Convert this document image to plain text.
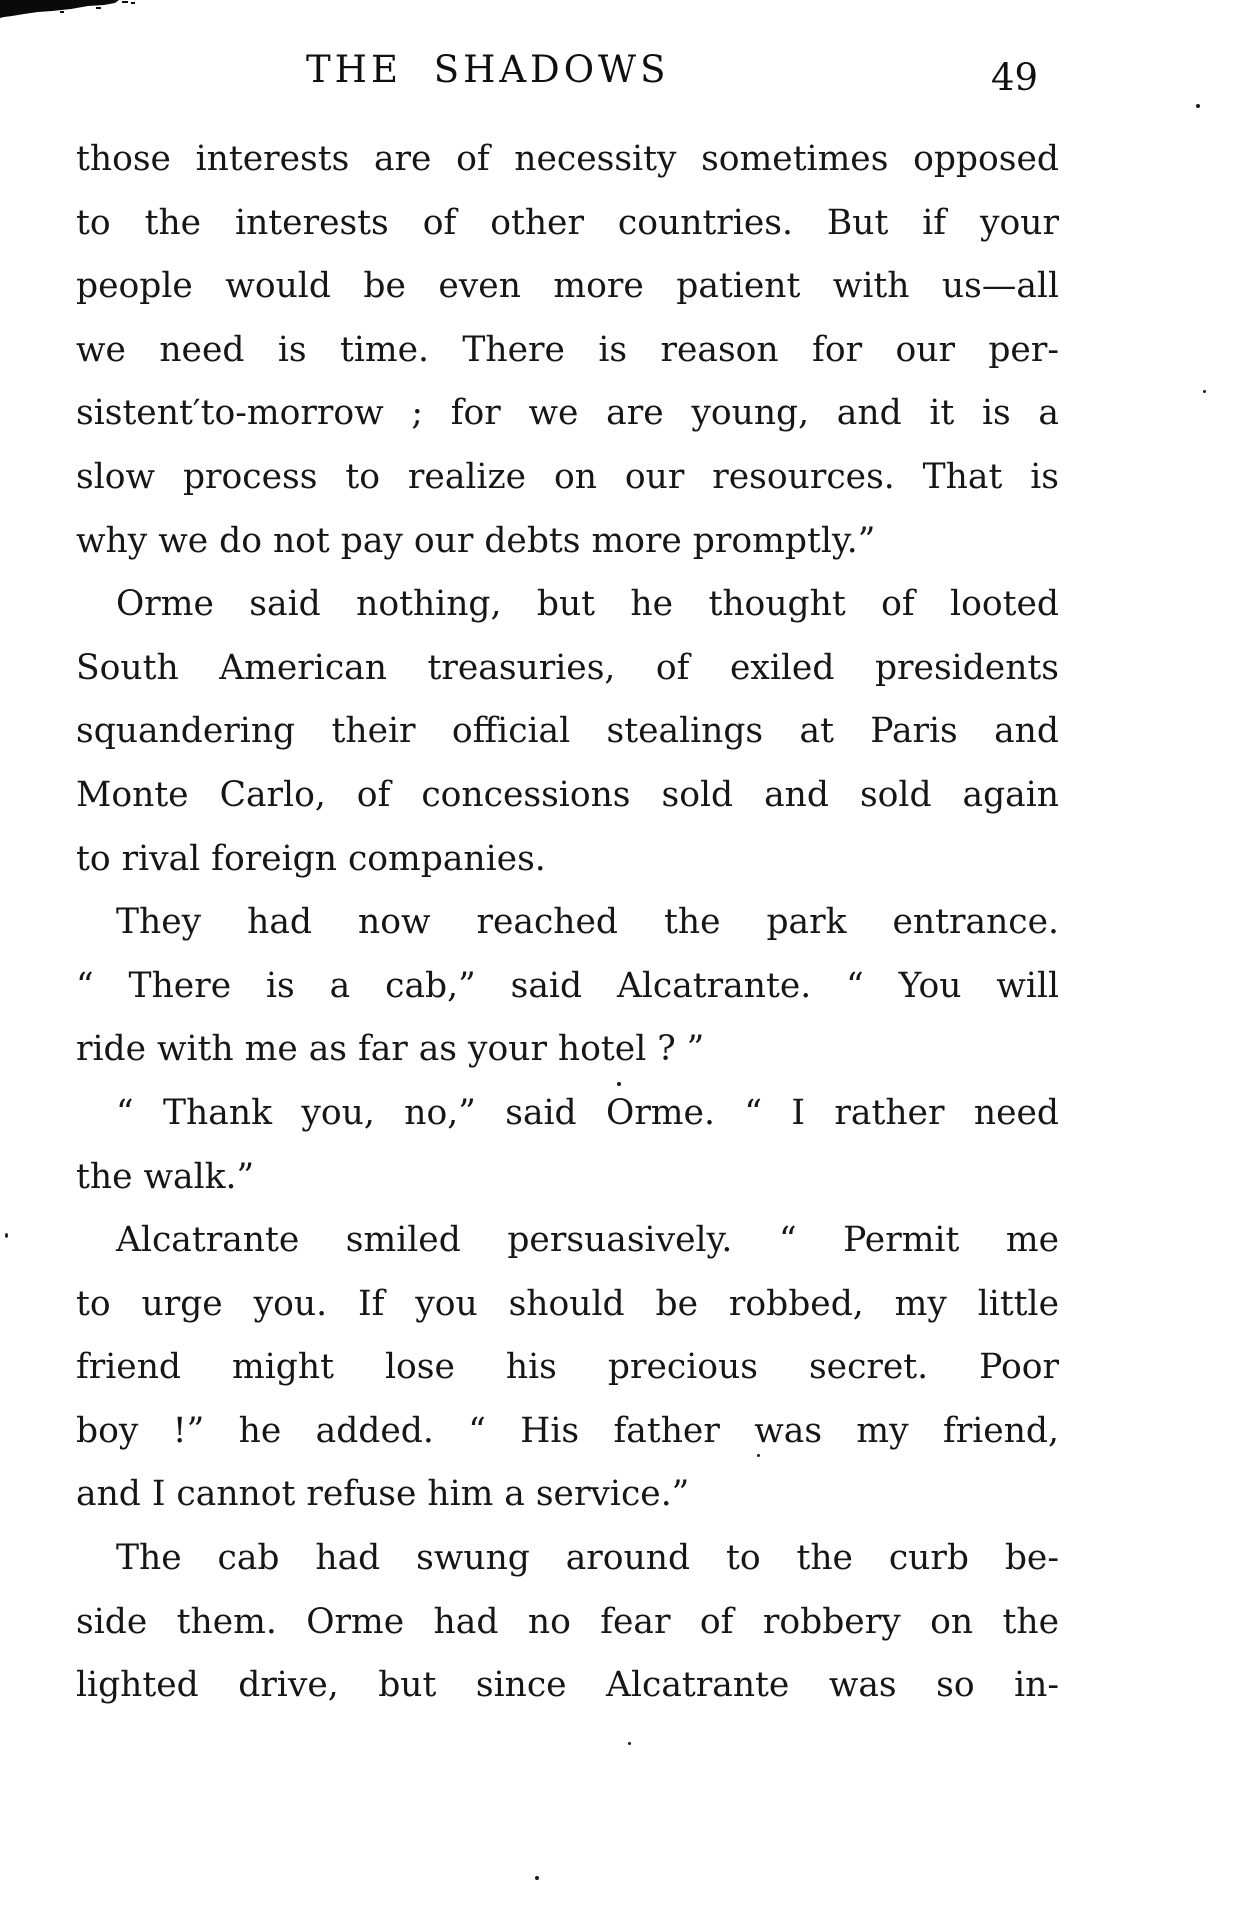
THE SHADOWS	49
those interests are of necessity sometimes opposed
to the interests of other countries. But if your
people would be even more patient with us—all
we need is time. There is reason for our per-
sistent′to-morrow ; for we are young, and it is a
slow process to realize on our resources. That is
why we do not pay our debts more promptly.”
Orme said nothing, but he thought of looted
South American treasuries, of exiled presidents
squandering their official stealings at Paris and
Monte Carlo, of concessions sold and sold again
to rival foreign companies.
They had now reached the park entrance.
“ There is a cab,” said Alcatrante. “ You will
ride with me as far as your hotel ? ”
“ Thank you, no,” said Orme. “ I rather need
the walk.”
Alcatrante smiled persuasively. “ Permit me
to urge you. If you should be robbed, my little
friend might lose his precious secret. Poor
boy !” he added. “ His father was my friend,
and I cannot refuse him a service.”
The cab had swung around to the curb be-
side them. Orme had no fear of robbery on the
lighted drive, but since Alcatrante was so in-
